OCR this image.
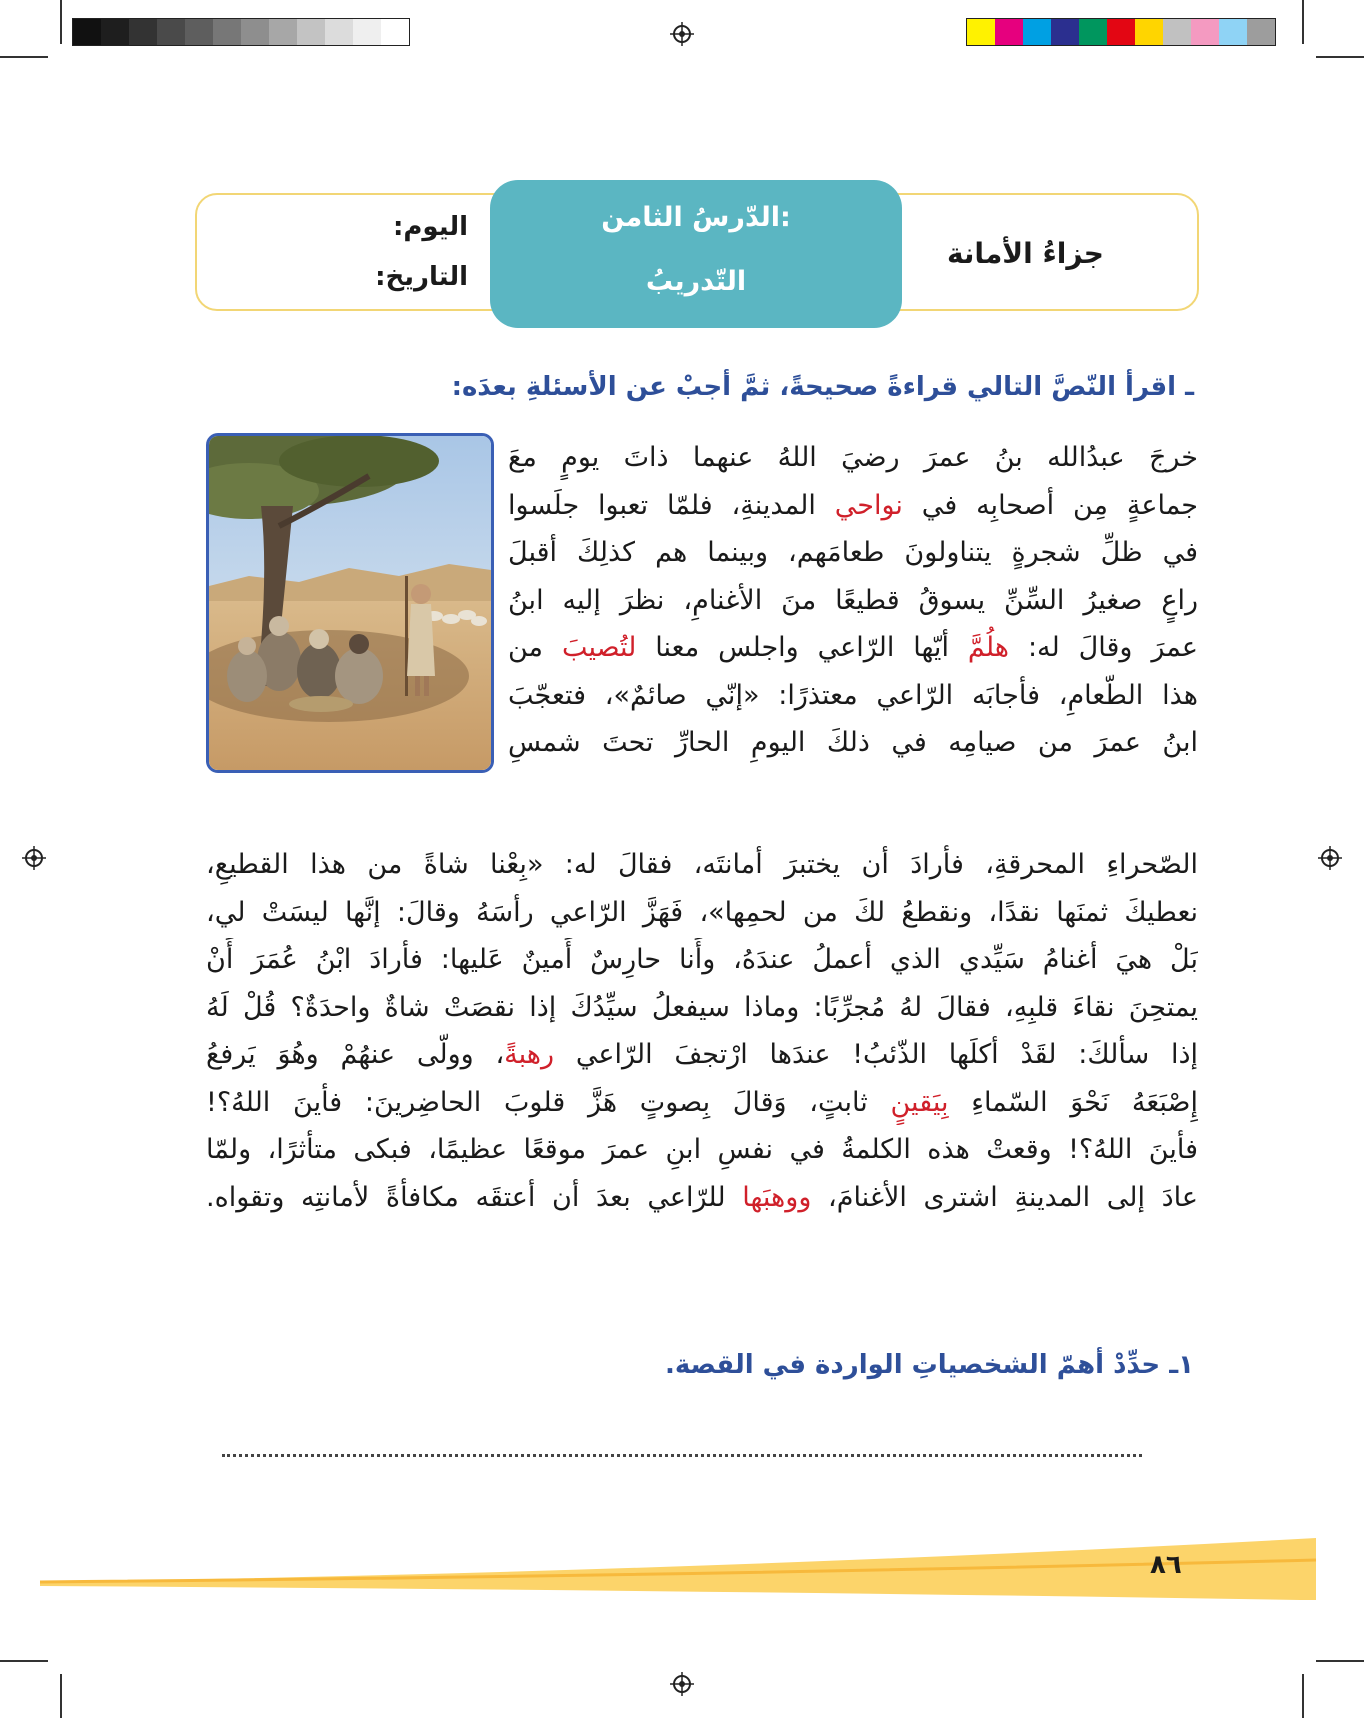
اليوم:
التاريخ:
جزاءُ الأمانة
الدّرسُ الثامن:
التّدريبُ
ـ اقرأ النّصَّ التالي قراءةً صحيحةً، ثمَّ أجبْ عن الأسئلةِ بعدَه:
خرجَ عبدُالله بنُ عمرَ رضيَ اللهُ عنهما ذاتَ يومٍ معَ
جماعةٍ مِن أصحابِه في نواحي المدينةِ، فلمّا تعبوا جلَسوا
في ظلِّ شجرةٍ يتناولونَ طعامَهم، وبينما هم كذلِكَ أقبلَ
راعٍ صغيرُ السِّنِّ يسوقُ قطيعًا منَ الأغنامِ، نظرَ إليه ابنُ
عمرَ وقالَ له: هلُمَّ أيّها الرّاعي واجلس معنا لتُصيبَ من
هذا الطّعامِ، فأجابَه الرّاعي معتذرًا: «إنّي صائمٌ»، فتعجّبَ
ابنُ عمرَ من صيامِه في ذلكَ اليومِ الحارِّ تحتَ شمسِ
الصّحراءِ المحرقةِ، فأرادَ أن يختبرَ أمانتَه، فقالَ له: «بِعْنا شاةً من هذا القطيعِ،
نعطيكَ ثمنَها نقدًا، ونقطعُ لكَ من لحمِها»، فَهَزَّ الرّاعي رأسَهُ وقالَ: إنَّها ليسَتْ لي،
بَلْ هيَ أغنامُ سَيِّدي الذي أعملُ عندَهُ، وأَنا حارِسٌ أَمينٌ عَليها: فأرادَ ابْنُ عُمَرَ أَنْ
يمتحِنَ نقاءَ قلبِهِ، فقالَ لهُ مُجرِّبًا: وماذا سيفعلُ سيِّدُكَ إذا نقصَتْ شاةٌ واحدَةٌ؟ قُلْ لَهُ
إذا سألكَ: لقَدْ أكلَها الذّئبُ! عندَها ارْتجفَ الرّاعي رهبةً، وولّى عنهُمْ وهُوَ يَرفعُ
إِصْبَعَهُ نَحْوَ السّماءِ بِيَقينٍ ثابتٍ، وَقالَ بِصوتٍ هَزَّ قلوبَ الحاضِرينَ: فأينَ اللهُ؟!
فأينَ اللهُ؟! وقعتْ هذه الكلمةُ في نفسِ ابنِ عمرَ موقعًا عظيمًا، فبكى متأثرًا، ولمّا
عادَ إلى المدينةِ اشترى الأغنامَ، ووهبَها للرّاعي بعدَ أن أعتقَه مكافأةً لأمانتِه وتقواه.
١ـ حدِّدْ أهمّ الشخصياتِ الواردة في القصة.
٨٦
